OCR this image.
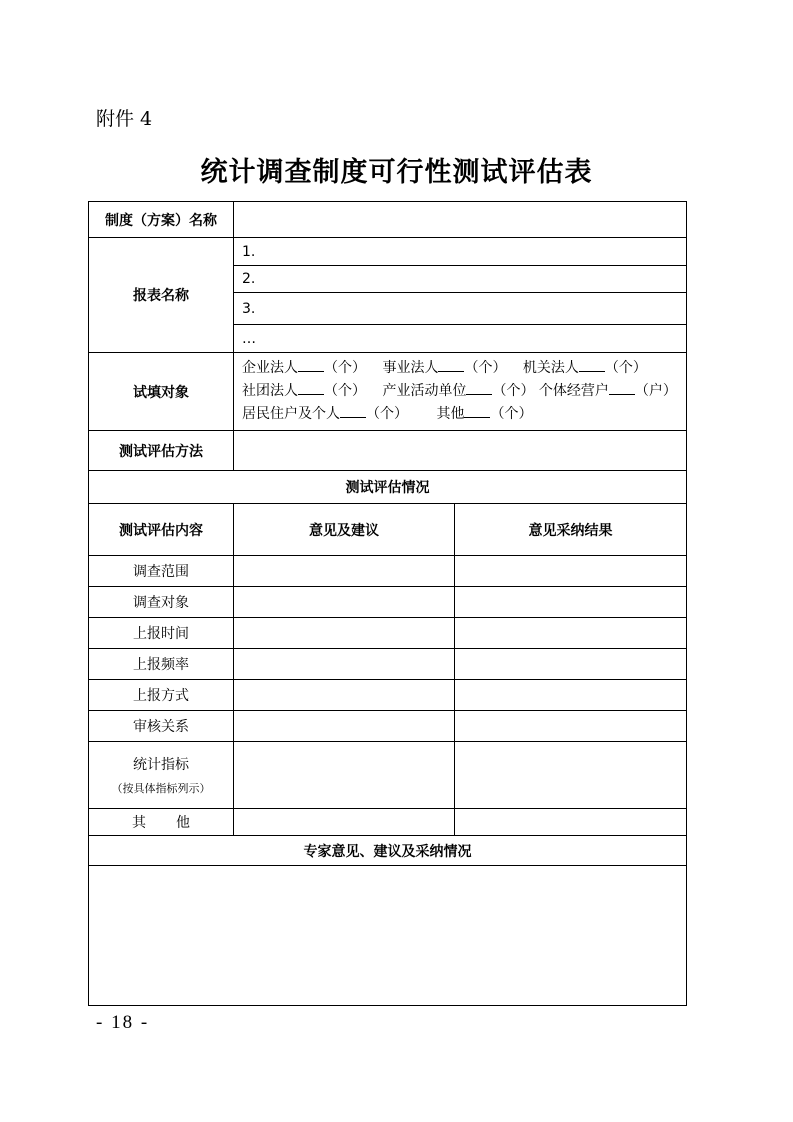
附件 4
统计调查制度可行性测试评估表
制度（方案）名称		
报表名称	1.	
	2.	
	3.	
	…	
试填对象	企业法人 （个） 事业法人 （个） 机关法人 （个）
社团法人 （个） 产业活动单位 （个） 个体经营户 （户）
居民住户及个人 （个） 其他 （个）	

测试评估方法		
测试评估情况		
测试评估内容	意见及建议	意见采纳结果
调查范围		
调查对象		
上报时间		
上报频率		
上报方式		
审核关系		
统计指标
（按具体指标列示）		

其 他		
专家意见、建议及采纳情况		

- 18 -
